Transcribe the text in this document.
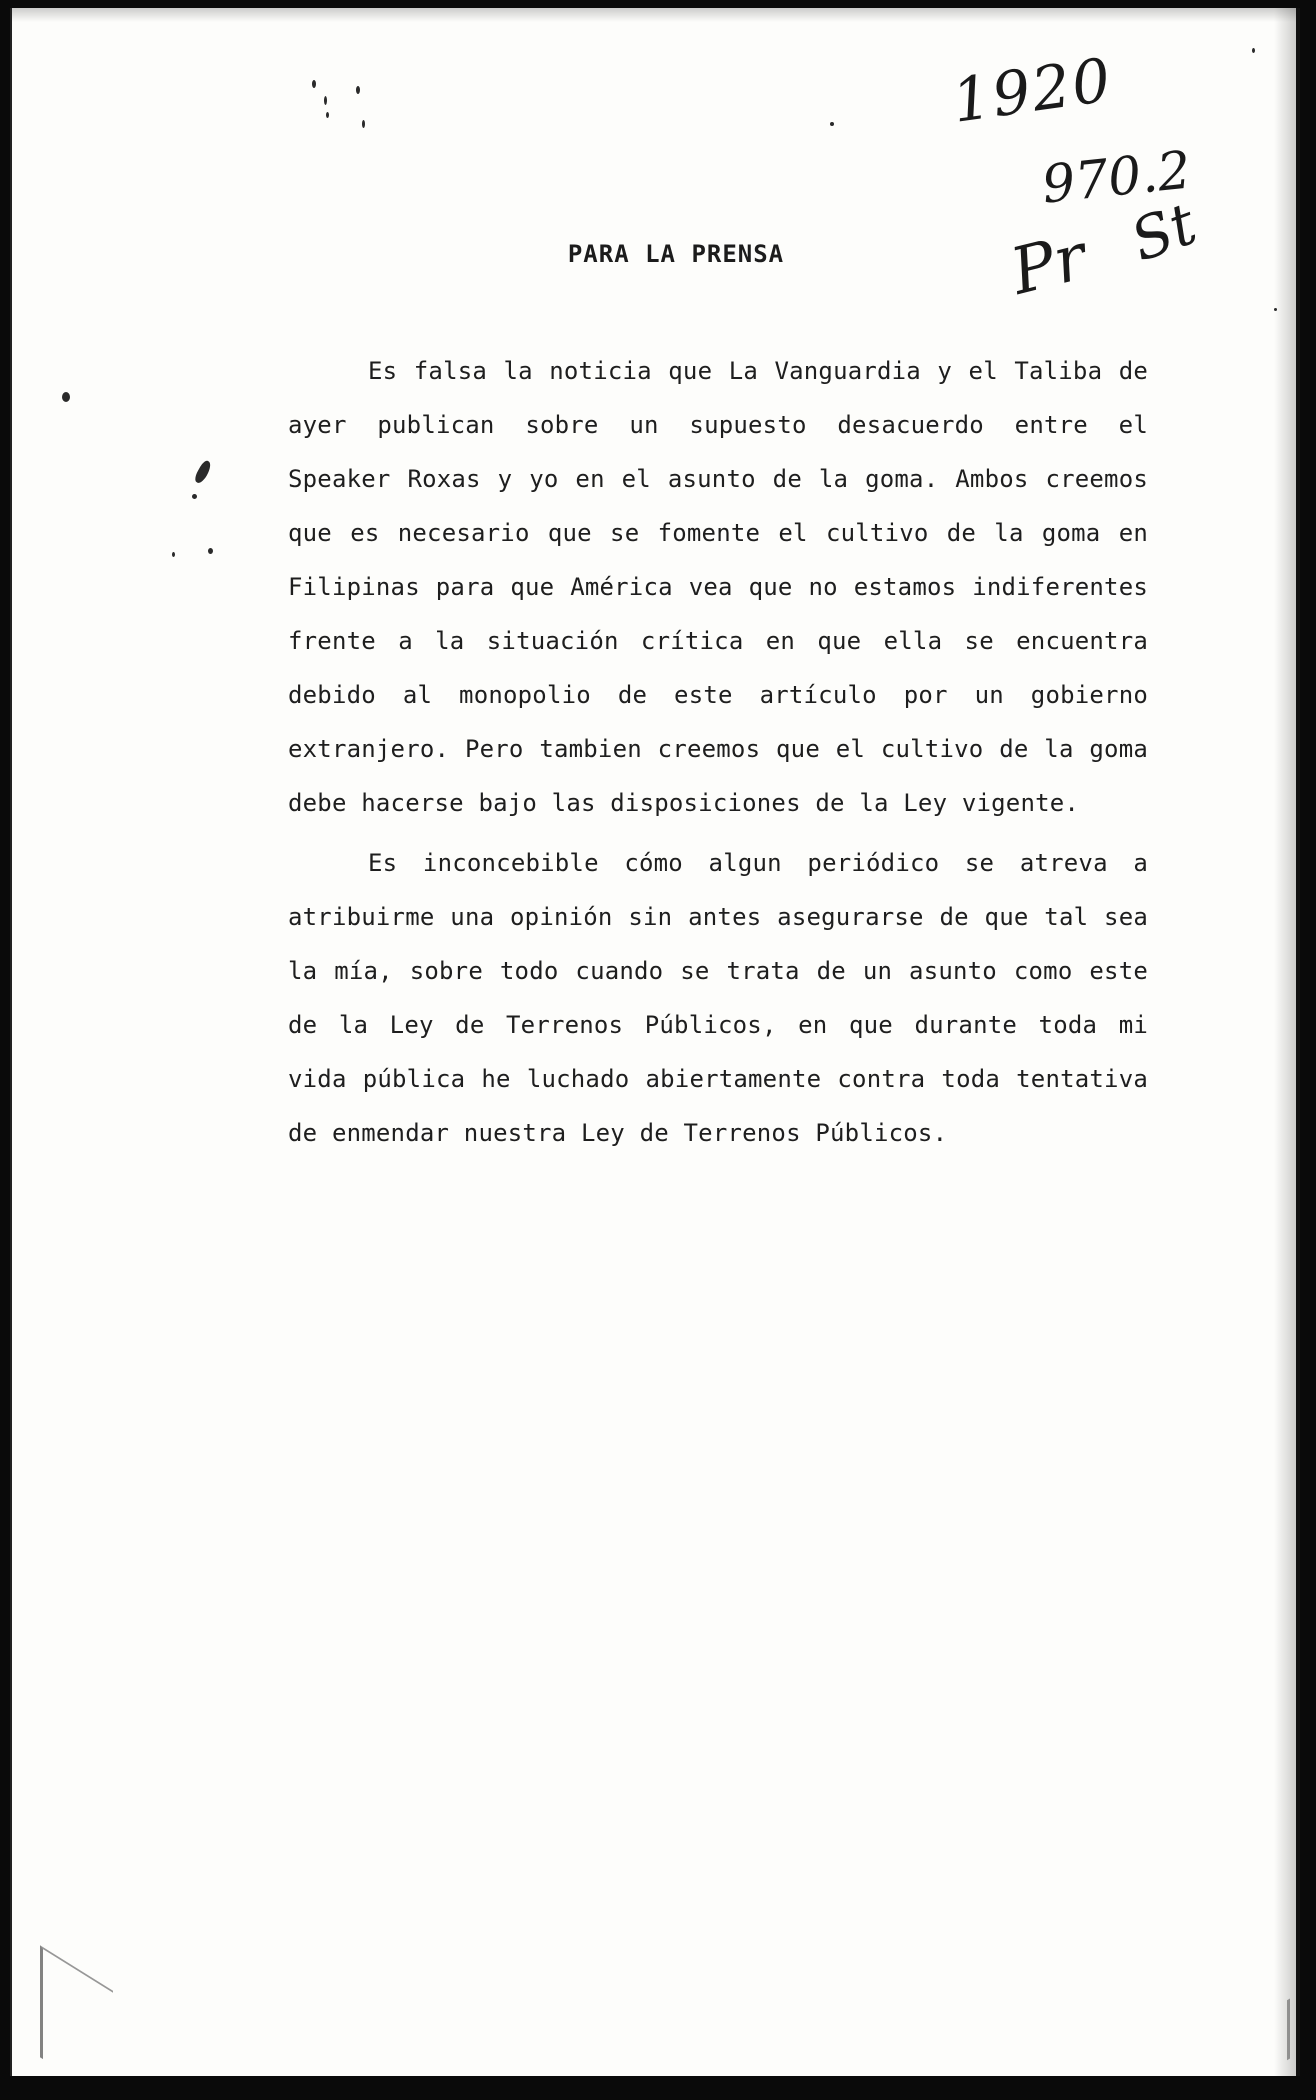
1920
970.2
Pr St
PARA LA PRENSA

Es falsa la noticia que La Vanguardia y el Taliba de ayer publican sobre un supuesto desacuerdo entre el Speaker Roxas y yo en el asunto de la goma. Ambos creemos que es necesario que se fomente el cultivo de la goma en Filipinas para que América vea que no estamos indiferentes frente a la situación crítica en que ella se encuentra debido al monopolio de este artículo por un gobierno extranjero. Pero tambien creemos que el cultivo de la goma debe hacerse bajo las disposiciones de la Ley vigente.

Es inconcebible cómo algun periódico se atreva a atribuirme una opinión sin antes asegurarse de que tal sea la mía, sobre todo cuando se trata de un asunto como este de la Ley de Terrenos Públicos, en que durante toda mi vida pública he luchado abiertamente contra toda tentativa de enmendar nuestra Ley de Terrenos Públicos.
